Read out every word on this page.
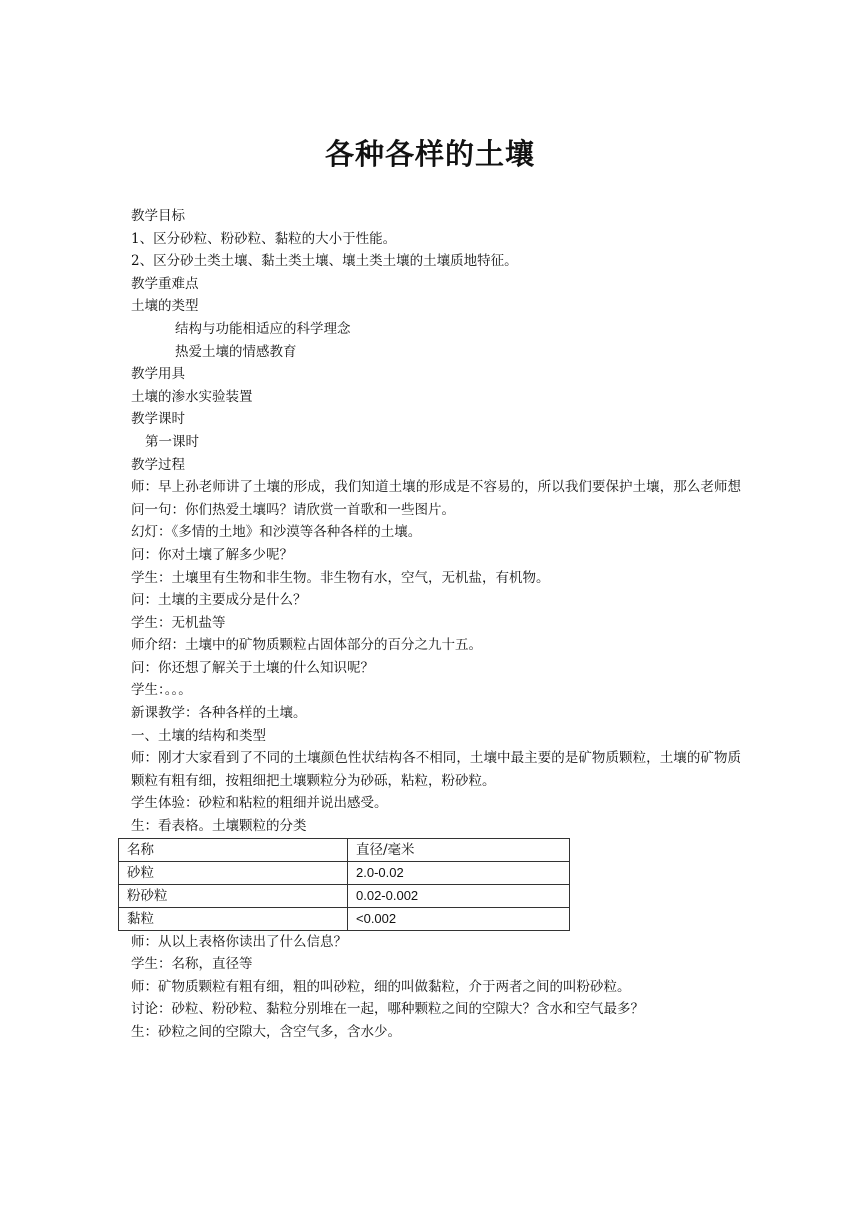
各种各样的土壤

教学目标

1、区分砂粒、粉砂粒、黏粒的大小于性能。

2、区分砂土类土壤、黏土类土壤、壤土类土壤的土壤质地特征。

教学重难点

土壤的类型

结构与功能相适应的科学理念

热爱土壤的情感教育

教学用具

土壤的渗水实验装置

教学课时

第一课时

教学过程

师：早上孙老师讲了土壤的形成，我们知道土壤的形成是不容易的，所以我们要保护土壤，那么老师想问一句：你们热爱土壤吗？请欣赏一首歌和一些图片。

幻灯：《多情的土地》和沙漠等各种各样的土壤。

问：你对土壤了解多少呢？

学生：土壤里有生物和非生物。非生物有水，空气，无机盐，有机物。

问：土壤的主要成分是什么？

学生：无机盐等

师介绍：土壤中的矿物质颗粒占固体部分的百分之九十五。

问：你还想了解关于土壤的什么知识呢？

学生：。。。

新课教学：各种各样的土壤。

一、土壤的结构和类型

师：刚才大家看到了不同的土壤颜色性状结构各不相同，土壤中最主要的是矿物质颗粒，土壤的矿物质颗粒有粗有细，按粗细把土壤颗粒分为砂砾，粘粒，粉砂粒。

学生体验：砂粒和粘粒的粗细并说出感受。

生：看表格。土壤颗粒的分类

名称	直径/毫米
砂粒	2.0-0.02
粉砂粒	0.02-0.002
黏粒	<0.002

师：从以上表格你读出了什么信息？

学生：名称，直径等

师：矿物质颗粒有粗有细，粗的叫砂粒，细的叫做黏粒，介于两者之间的叫粉砂粒。

讨论：砂粒、粉砂粒、黏粒分别堆在一起，哪种颗粒之间的空隙大？含水和空气最多？

生：砂粒之间的空隙大，含空气多，含水少。
